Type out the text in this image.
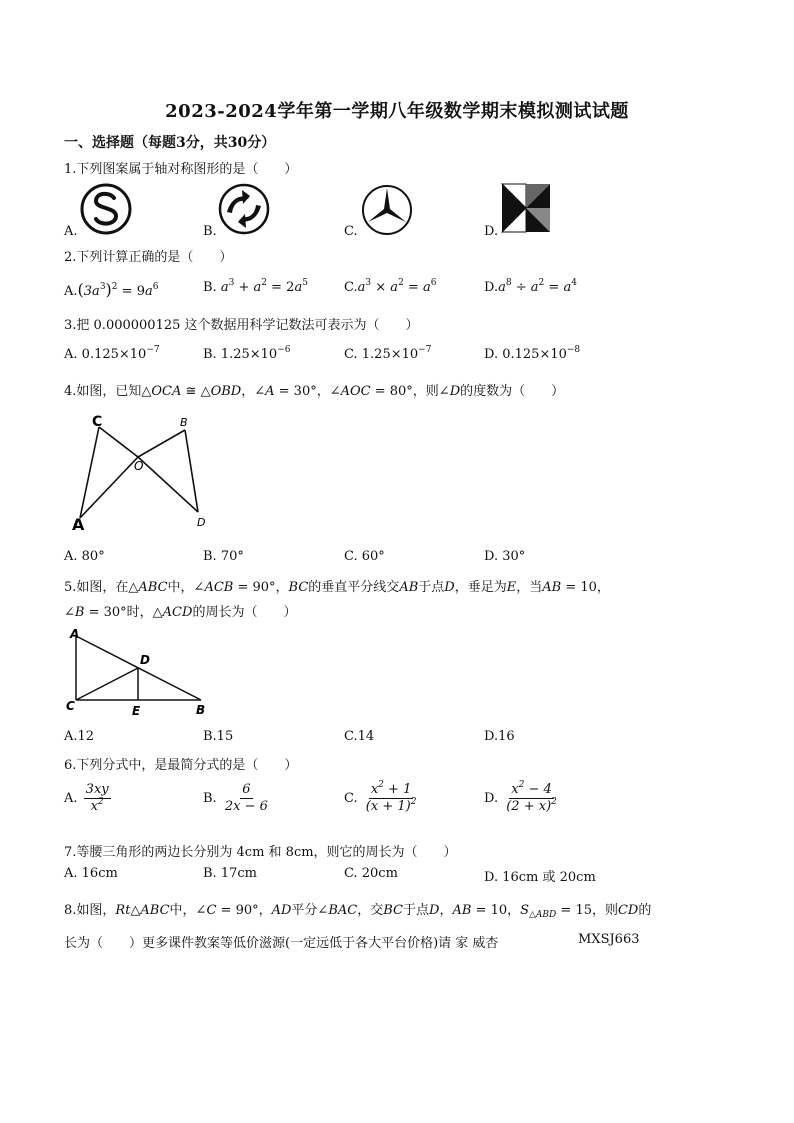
2023-2024学年第一学期八年级数学期末模拟测试试题
一、选择题（每题3分，共30分）
1.下列图案属于轴对称图形的是（　　）
A.	B.	C.	D.
2.下列计算正确的是（　　）
$A.(3a^3)^2 = 9a^6$	B. $a^3 + a^2 = 2a^5$	$C.a^3 \times a^2 = a^6$	$D.a^8 \div a^2 = a^4$
3.把 0.000000125 这个数据用科学记数法可表示为（　　）
A. $0.125\times 10^{-7}$	B. $1.25\times 10^{-6}$	C. $1.25\times 10^{-7}$	D. $0.125\times 10^{-8}$
4.如图，已知△OCA ≅ △OBD，∠A = 30°，∠AOC = 80°，则∠D的度数为（　　）
C	B
O
A	D
A. 80°	B. 70°	C. 60°	D. 30°
5.如图，在△ABC中，∠ACB = 90°，BC的垂直平分线交AB于点D，垂足为E，当AB = 10，
∠B = 30°时，△ACD的周长为（　　）
A
D
C	E	B
A.12	B.15	C.14	D.16
6.下列分式中，是最简分式的是（　　）
A. $\frac{3xy}{x^2}$	B. $\frac{6}{2x - 6}$	C. $\frac{x^2 + 1}{(x + 1)^2}$	D. $\frac{x^2 - 4}{(2 + x)^2}$
7.等腰三角形的两边长分别为 4cm 和 8cm，则它的周长为（　　）
A. 16cm	B. 17cm	C. 20cm	D. 16cm 或 20cm
8.如图，Rt△ABC中，∠C = 90°，AD平分∠BAC，交BC于点D，AB = 10，$S_{\triangle ABD} = 15$，则CD的
长为（　　）更多课件教案等低价滋源(一定远低于各大平台价格)请 家 威杏	MXSJ663
